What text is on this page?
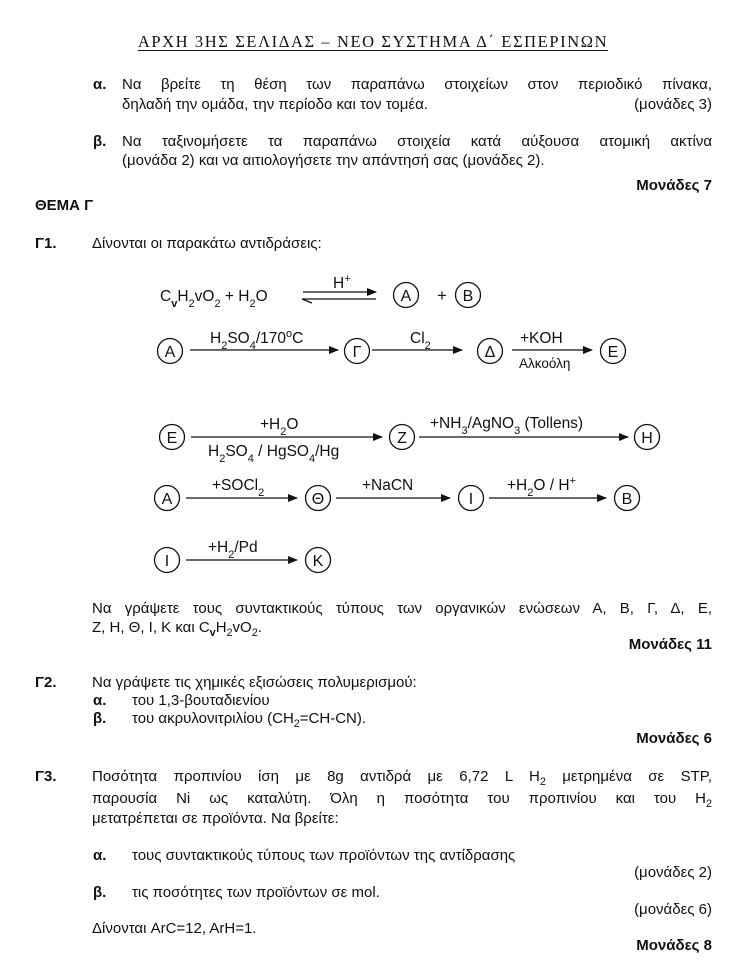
ΑΡΧΗ 3ΗΣ ΣΕΛΙΔΑΣ – ΝΕΟ ΣΥΣΤΗΜΑ Δ΄ ΕΣΠΕΡΙΝΩΝ
α. Να βρείτε τη θέση των παραπάνω στοιχείων στον περιοδικό πίνακα,
δηλαδή την ομάδα, την περίοδο και τον τομέα.	(μονάδες 3)
β. Να ταξινομήσετε τα παραπάνω στοιχεία κατά αύξουσα ατομική ακτίνα
(μονάδα 2) και να αιτιολογήσετε την απάντησή σας (μονάδες 2).
Μονάδες 7
ΘΕΜΑ Γ
Γ1. Δίνονται οι παρακάτω αντιδράσεις:
Α	Β
Α	Γ	Δ	Ε
Ε	Ζ	Η
Α	Θ	Ι	Β
Ι	Κ
$C_vH_2vO_2 + H_2O$	+
H+
$H_2SO_4/170^oC$	$Cl_2$	+KOH
Αλκοόλη
$+H_2O$
$H_2SO_4$ / HgSO$_4$/Hg
$+NH_3/AgNO_3$ (Tollens)
+SOCl$_2$	+NaCN	$+H_2O / H^+$
$+H_2/Pd$
Να γράψετε τους συντακτικούς τύπους των οργανικών ενώσεων Α, Β, Γ, Δ, Ε,
Ζ, Η, Θ, Ι, Κ και $C_vH_2vO_2$.
Μονάδες 11
Γ2. Να γράψετε τις χημικές εξισώσεις πολυμερισμού:
α. του 1,3-βουταδιενίου
β. του ακρυλονιτριλίου $(CH_2=CH-CN)$.
Μονάδες 6
Γ3. Ποσότητα προπινίου ίση με 8g αντιδρά με 6,72 L $H_2$ μετρημένα σε STP,
παρουσία Ni ως καταλύτη. Όλη η ποσότητα του προπινίου και του $H_2$
μετατρέπεται σε προϊόντα. Να βρείτε:
α. τους συντακτικούς τύπους των προϊόντων της αντίδρασης
(μονάδες 2)
β. τις ποσότητες των προϊόντων σε mol.
(μονάδες 6)
Δίνονται ArC=12, ArH=1.
Μονάδες 8
